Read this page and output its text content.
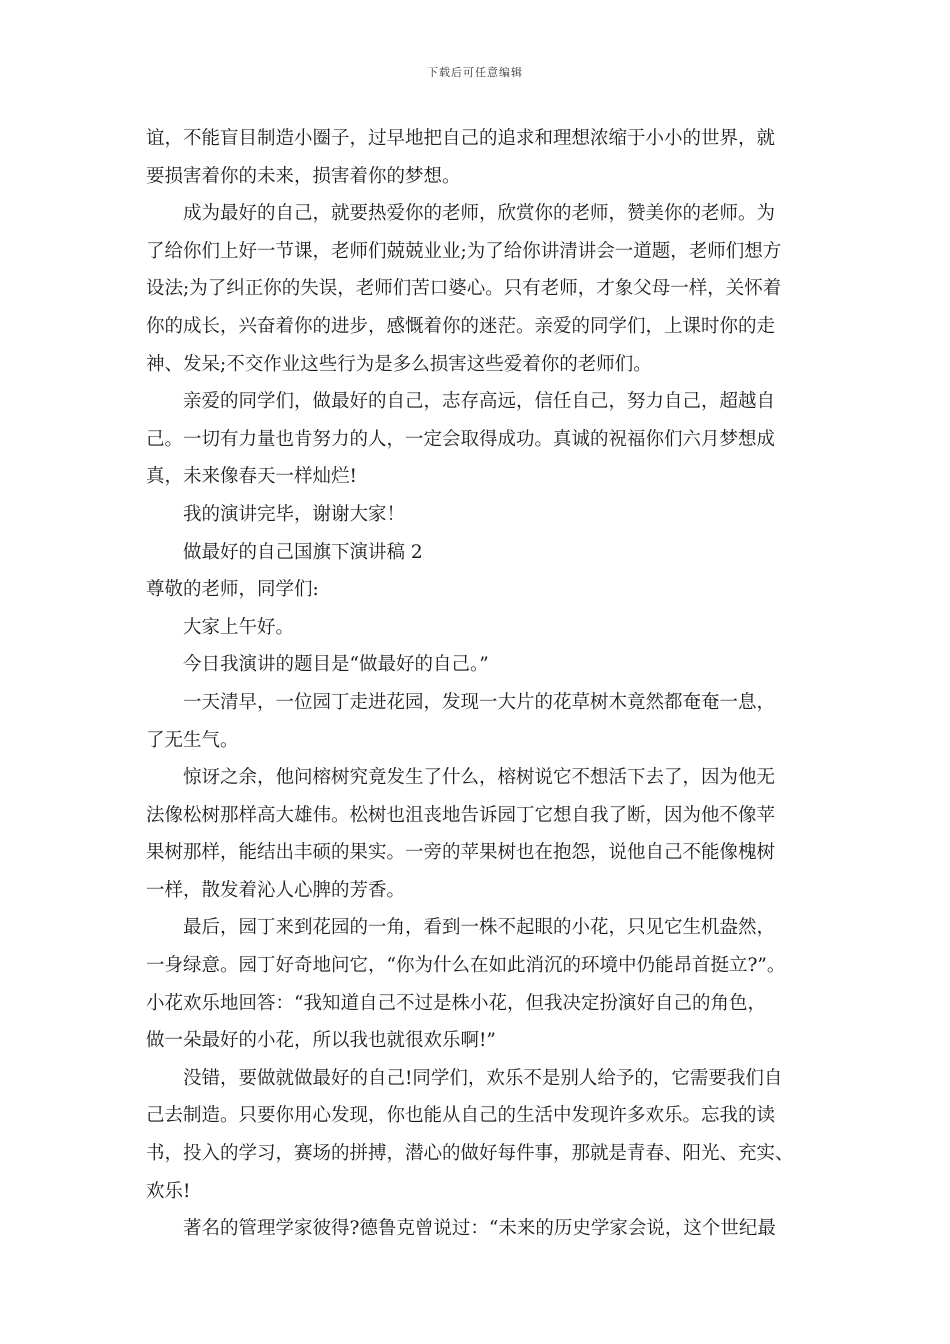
下载后可任意编辑
谊，不能盲目制造小圈子，过早地把自己的追求和理想浓缩于小小的世界，就
要损害着你的未来，损害着你的梦想。
成为最好的自己，就要热爱你的老师，欣赏你的老师，赞美你的老师。为
了给你们上好一节课，老师们兢兢业业;为了给你讲清讲会一道题，老师们想方
设法;为了纠正你的失误，老师们苦口婆心。只有老师，才象父母一样，关怀着
你的成长，兴奋着你的进步，感慨着你的迷茫。亲爱的同学们，上课时你的走
神、发呆;不交作业这些行为是多么损害这些爱着你的老师们。
亲爱的同学们，做最好的自己，志存高远，信任自己，努力自己，超越自
己。一切有力量也肯努力的人，一定会取得成功。真诚的祝福你们六月梦想成
真，未来像春天一样灿烂!
我的演讲完毕，谢谢大家！
做最好的自己国旗下演讲稿 2
尊敬的老师，同学们:
大家上午好。
今日我演讲的题目是“做最好的自己。”
一天清早，一位园丁走进花园，发现一大片的花草树木竟然都奄奄一息，
了无生气。
惊讶之余，他问榕树究竟发生了什么，榕树说它不想活下去了，因为他无
法像松树那样高大雄伟。松树也沮丧地告诉园丁它想自我了断，因为他不像苹
果树那样，能结出丰硕的果实。一旁的苹果树也在抱怨，说他自己不能像槐树
一样，散发着沁人心脾的芳香。
最后，园丁来到花园的一角，看到一株不起眼的小花，只见它生机盎然，
一身绿意。园丁好奇地问它，“你为什么在如此消沉的环境中仍能昂首挺立?”。
小花欢乐地回答：“我知道自己不过是株小花，但我决定扮演好自己的角色，
做一朵最好的小花，所以我也就很欢乐啊!”
没错，要做就做最好的自己!同学们，欢乐不是别人给予的，它需要我们自
己去制造。只要你用心发现，你也能从自己的生活中发现许多欢乐。忘我的读
书，投入的学习，赛场的拼搏，潜心的做好每件事，那就是青春、阳光、充实、
欢乐!
著名的管理学家彼得?德鲁克曾说过：“未来的历史学家会说，这个世纪最
